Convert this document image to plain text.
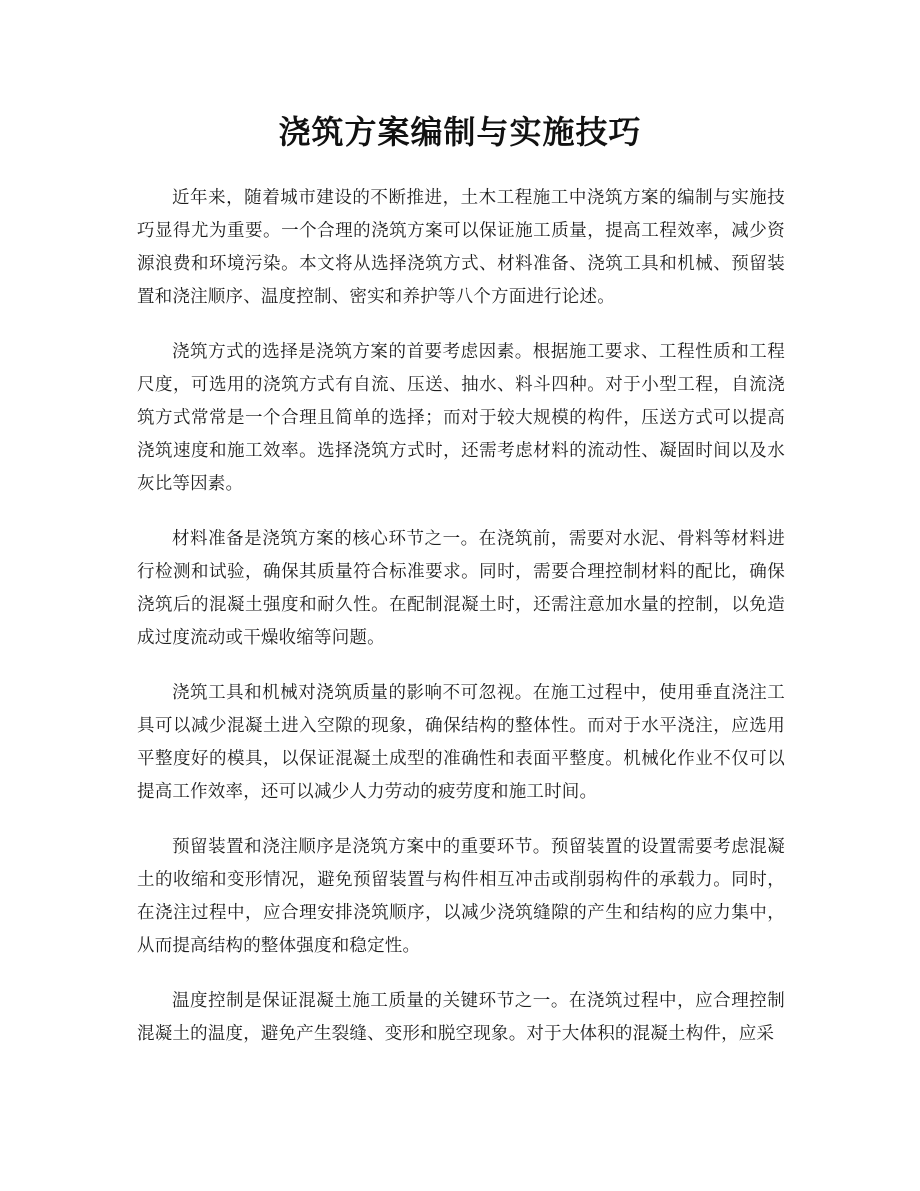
浇筑方案编制与实施技巧

近年来，随着城市建设的不断推进，土木工程施工中浇筑方案的编制与实施技巧显得尤为重要。一个合理的浇筑方案可以保证施工质量，提高工程效率，减少资源浪费和环境污染。本文将从选择浇筑方式、材料准备、浇筑工具和机械、预留装置和浇注顺序、温度控制、密实和养护等八个方面进行论述。

浇筑方式的选择是浇筑方案的首要考虑因素。根据施工要求、工程性质和工程尺度，可选用的浇筑方式有自流、压送、抽水、料斗四种。对于小型工程，自流浇筑方式常常是一个合理且简单的选择；而对于较大规模的构件，压送方式可以提高浇筑速度和施工效率。选择浇筑方式时，还需考虑材料的流动性、凝固时间以及水灰比等因素。

材料准备是浇筑方案的核心环节之一。在浇筑前，需要对水泥、骨料等材料进行检测和试验，确保其质量符合标准要求。同时，需要合理控制材料的配比，确保浇筑后的混凝土强度和耐久性。在配制混凝土时，还需注意加水量的控制，以免造成过度流动或干燥收缩等问题。

浇筑工具和机械对浇筑质量的影响不可忽视。在施工过程中，使用垂直浇注工具可以减少混凝土进入空隙的现象，确保结构的整体性。而对于水平浇注，应选用平整度好的模具，以保证混凝土成型的准确性和表面平整度。机械化作业不仅可以提高工作效率，还可以减少人力劳动的疲劳度和施工时间。

预留装置和浇注顺序是浇筑方案中的重要环节。预留装置的设置需要考虑混凝土的收缩和变形情况，避免预留装置与构件相互冲击或削弱构件的承载力。同时，在浇注过程中，应合理安排浇筑顺序，以减少浇筑缝隙的产生和结构的应力集中，从而提高结构的整体强度和稳定性。

温度控制是保证混凝土施工质量的关键环节之一。在浇筑过程中，应合理控制混凝土的温度，避免产生裂缝、变形和脱空现象。对于大体积的混凝土构件，应采
